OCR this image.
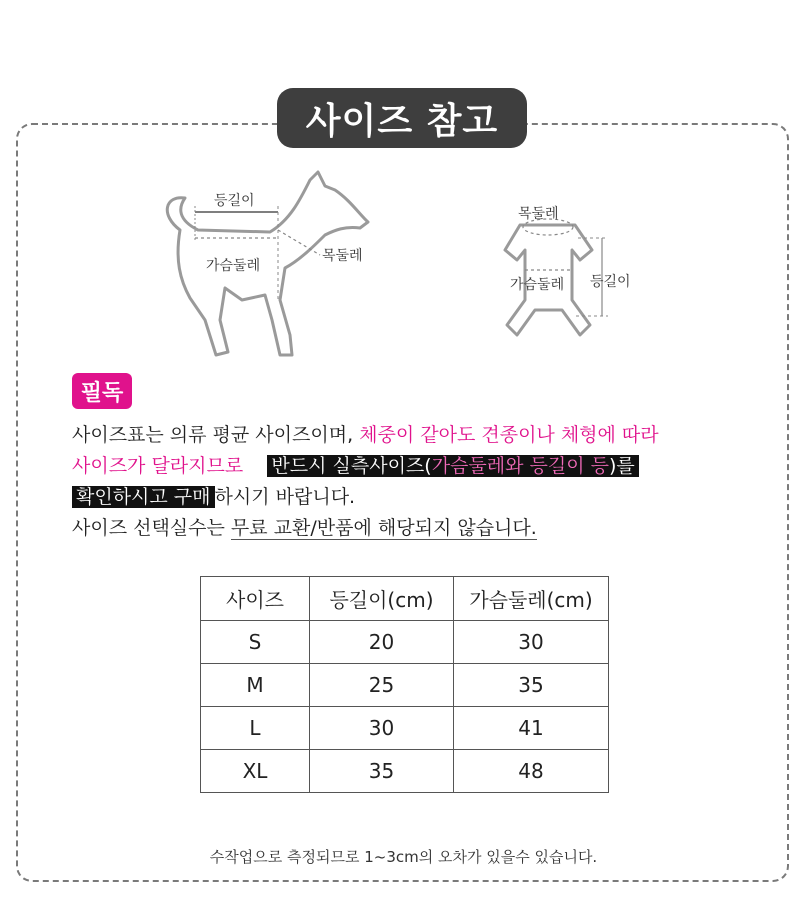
사이즈 참고
등길이
가슴둘레
목둘레
목둘레
가슴둘레 등길이
필독
사이즈표는 의류 평균 사이즈이며, 체중이 같아도 견종이나 체형에 따라
사이즈가 달라지므로 반드시 실측사이즈(가슴둘레와 등길이 등)를
확인하시고 구매 하시기 바랍니다.
사이즈 선택실수는 무료 교환/반품에 해당되지 않습니다.
사이즈	등길이(cm)	가슴둘레(cm)
S	20	30
M	25	35
L	30	41
XL	35	48
수작업으로 측정되므로 1~3cm의 오차가 있을수 있습니다.
